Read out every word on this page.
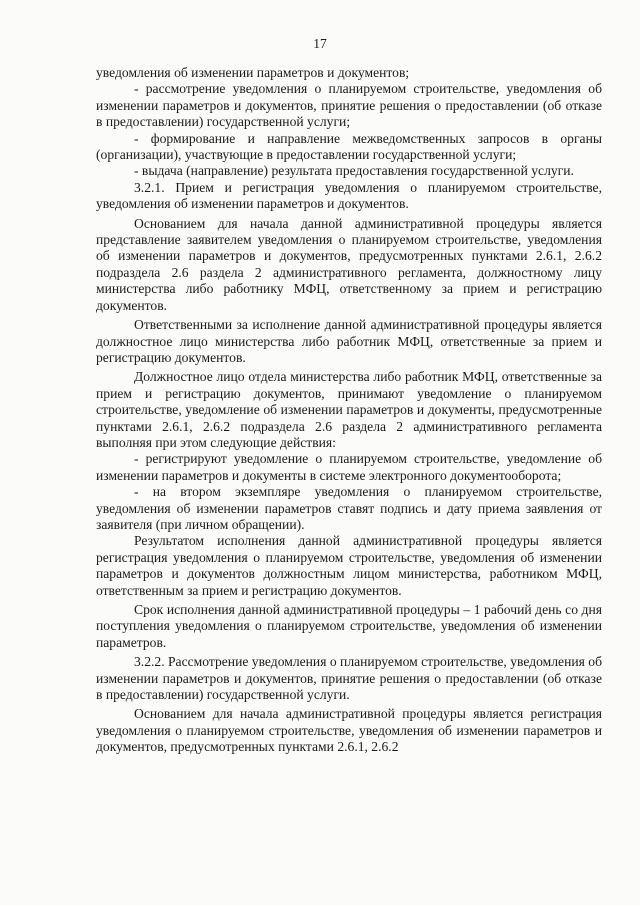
17

уведомления об изменении параметров и документов;

- рассмотрение уведомления о планируемом строительстве, уведомления об изменении параметров и документов, принятие решения о предоставлении (об отказе в предоставлении) государственной услуги;

- формирование и направление межведомственных запросов в органы (организации), участвующие в предоставлении государственной услуги;

- выдача (направление) результата предоставления государственной услуги.

3.2.1. Прием и регистрация уведомления о планируемом строительстве, уведомления об изменении параметров и документов.

Основанием для начала данной административной процедуры является представление заявителем уведомления о планируемом строительстве, уведомления об изменении параметров и документов, предусмотренных пунктами 2.6.1, 2.6.2 подраздела 2.6 раздела 2 административного регламента, должностному лицу министерства либо работнику МФЦ, ответственному за прием и регистрацию документов.

Ответственными за исполнение данной административной процедуры является должностное лицо министерства либо работник МФЦ, ответственные за прием и регистрацию документов.

Должностное лицо отдела министерства либо работник МФЦ, ответственные за прием и регистрацию документов, принимают уведомление о планируемом строительстве, уведомление об изменении параметров и документы, предусмотренные пунктами 2.6.1, 2.6.2 подраздела 2.6 раздела 2 административного регламента выполняя при этом следующие действия:

- регистрируют уведомление о планируемом строительстве, уведомление об изменении параметров и документы в системе электронного документооборота;

- на втором экземпляре уведомления о планируемом строительстве, уведомления об изменении параметров ставят подпись и дату приема заявления от заявителя (при личном обращении).

Результатом исполнения данной административной процедуры является регистрация уведомления о планируемом строительстве, уведомления об изменении параметров и документов должностным лицом министерства, работником МФЦ, ответственным за прием и регистрацию документов.

Срок исполнения данной административной процедуры – 1 рабочий день со дня поступления уведомления о планируемом строительстве, уведомления об изменении параметров.

3.2.2. Рассмотрение уведомления о планируемом строительстве, уведомления об изменении параметров и документов, принятие решения о предоставлении (об отказе в предоставлении) государственной услуги.

Основанием для начала административной процедуры является регистрация уведомления о планируемом строительстве, уведомления об изменении параметров и документов, предусмотренных пунктами 2.6.1, 2.6.2
